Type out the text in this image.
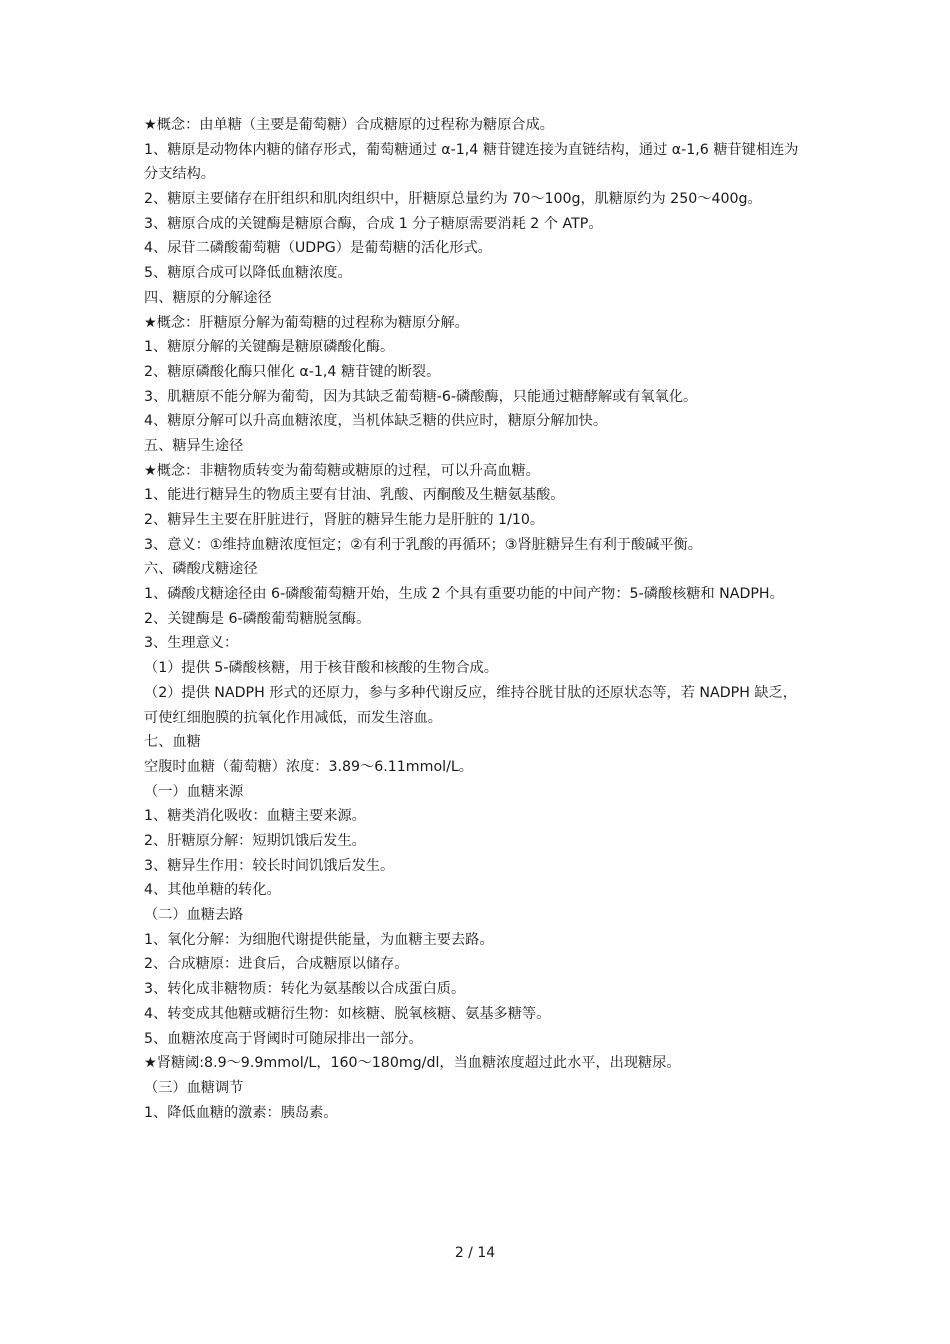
★概念：由单糖（主要是葡萄糖）合成糖原的过程称为糖原合成。
1、糖原是动物体内糖的储存形式，葡萄糖通过 α-1,4 糖苷键连接为直链结构，通过 α-1,6 糖苷键相连为分支结构。
2、糖原主要储存在肝组织和肌肉组织中，肝糖原总量约为 70～100g，肌糖原约为 250～400g。
3、糖原合成的关键酶是糖原合酶，合成 1 分子糖原需要消耗 2 个 ATP。
4、尿苷二磷酸葡萄糖（UDPG）是葡萄糖的活化形式。
5、糖原合成可以降低血糖浓度。
四、糖原的分解途径
★概念：肝糖原分解为葡萄糖的过程称为糖原分解。
1、糖原分解的关键酶是糖原磷酸化酶。
2、糖原磷酸化酶只催化 α-1,4 糖苷键的断裂。
3、肌糖原不能分解为葡萄，因为其缺乏葡萄糖-6-磷酸酶，只能通过糖酵解或有氧氧化。
4、糖原分解可以升高血糖浓度，当机体缺乏糖的供应时，糖原分解加快。
五、糖异生途径
★概念：非糖物质转变为葡萄糖或糖原的过程，可以升高血糖。
1、能进行糖异生的物质主要有甘油、乳酸、丙酮酸及生糖氨基酸。
2、糖异生主要在肝脏进行，肾脏的糖异生能力是肝脏的 1/10。
3、意义：①维持血糖浓度恒定；②有利于乳酸的再循环；③肾脏糖异生有利于酸碱平衡。
六、磷酸戊糖途径
1、磷酸戊糖途径由 6-磷酸葡萄糖开始，生成 2 个具有重要功能的中间产物：5-磷酸核糖和 NADPH。
2、关键酶是 6-磷酸葡萄糖脱氢酶。
3、生理意义：
（1）提供 5-磷酸核糖，用于核苷酸和核酸的生物合成。
（2）提供 NADPH 形式的还原力，参与多种代谢反应，维持谷胱甘肽的还原状态等，若 NADPH 缺乏，可使红细胞膜的抗氧化作用减低，而发生溶血。
七、血糖
空腹时血糖（葡萄糖）浓度：3.89～6.11mmol/L。
（一）血糖来源
1、糖类消化吸收：血糖主要来源。
2、肝糖原分解：短期饥饿后发生。
3、糖异生作用：较长时间饥饿后发生。
4、其他单糖的转化。
（二）血糖去路
1、氧化分解：为细胞代谢提供能量，为血糖主要去路。
2、合成糖原：进食后，合成糖原以储存。
3、转化成非糖物质：转化为氨基酸以合成蛋白质。
4、转变成其他糖或糖衍生物：如核糖、脱氧核糖、氨基多糖等。
5、血糖浓度高于肾阈时可随尿排出一部分。
★肾糖阈:8.9～9.9mmol/L，160～180mg/dl，当血糖浓度超过此水平，出现糖尿。
（三）血糖调节
1、降低血糖的激素：胰岛素。
2 / 14
